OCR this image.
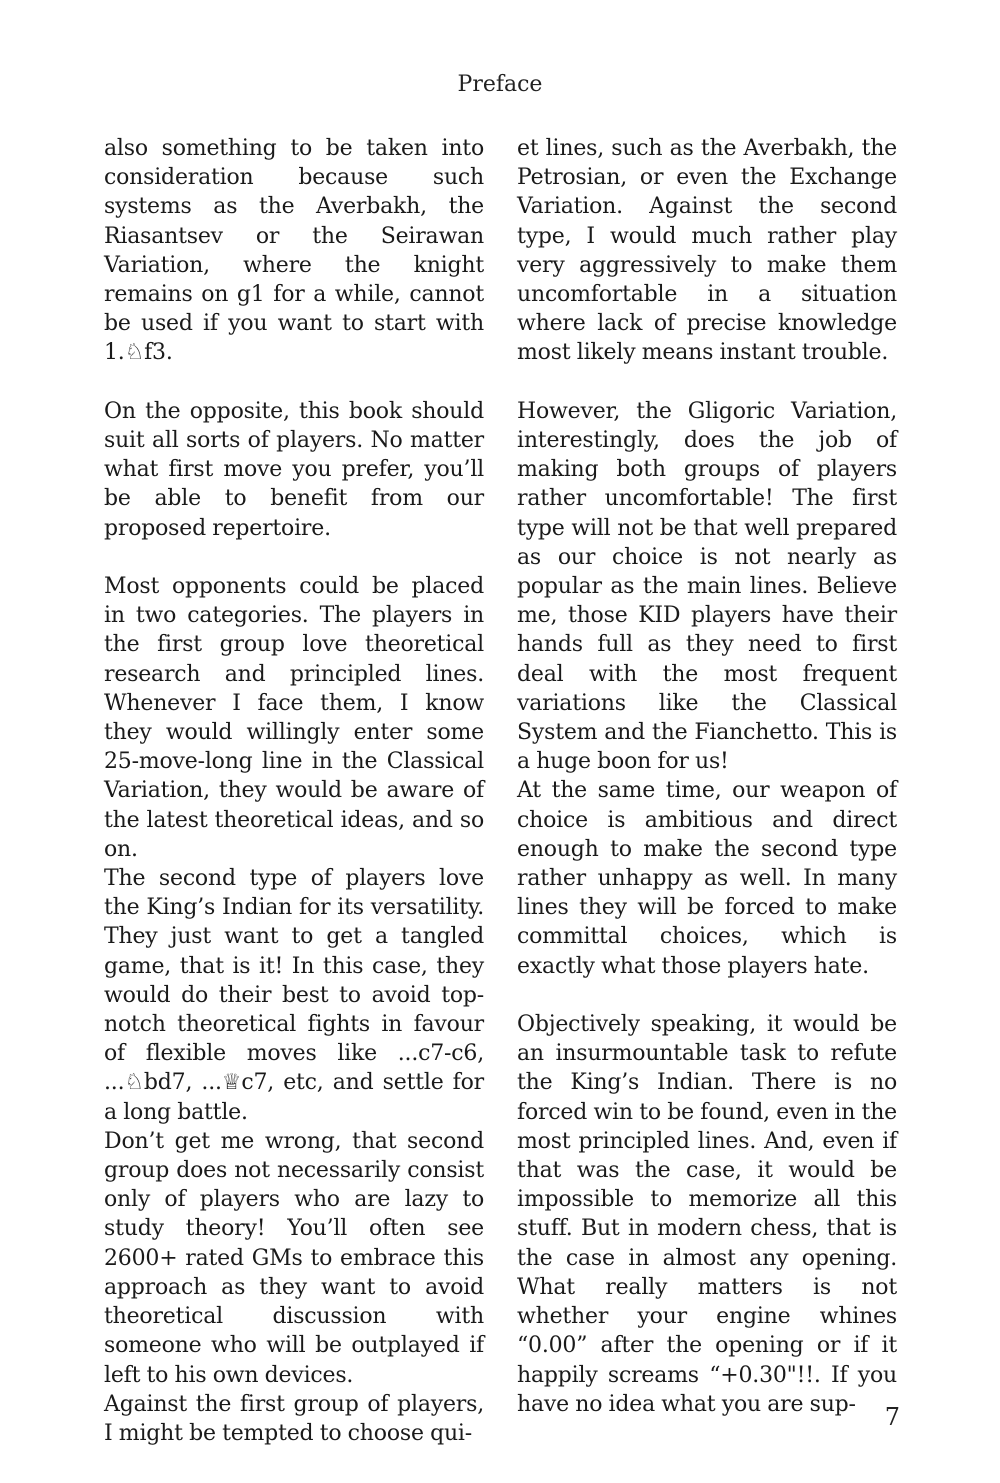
Preface

also something to be taken into consideration because such systems as the Averbakh, the Riasantsev or the Seirawan Variation, where the knight remains on g1 for a while, cannot be used if you want to start with 1.♘f3.

On the opposite, this book should suit all sorts of players. No matter what first move you prefer, you’ll be able to benefit from our proposed repertoire.

Most opponents could be placed in two categories. The players in the first group love theoretical research and principled lines. Whenever I face them, I know they would willingly enter some 25-move-long line in the Classical Variation, they would be aware of the latest theoretical ideas, and so on.

The second type of players love the King’s Indian for its versatility. They just want to get a tangled game, that is it! In this case, they would do their best to avoid top-notch theoretical fights in favour of flexible moves like ...c7-c6, ...♘bd7, ...♕c7, etc, and settle for a long battle.

Don’t get me wrong, that second group does not necessarily consist only of players who are lazy to study theory! You’ll often see 2600+ rated GMs to embrace this approach as they want to avoid theoretical discussion with someone who will be outplayed if left to his own devices.

Against the first group of players, I might be tempted to choose qui-

et lines, such as the Averbakh, the Petrosian, or even the Exchange Variation. Against the second type, I would much rather play very aggressively to make them uncomfortable in a situation where lack of precise knowledge most likely means instant trouble.

However, the Gligoric Variation, interestingly, does the job of making both groups of players rather uncomfortable! The first type will not be that well prepared as our choice is not nearly as popular as the main lines. Believe me, those KID players have their hands full as they need to first deal with the most frequent variations like the Classical System and the Fianchetto. This is a huge boon for us!

At the same time, our weapon of choice is ambitious and direct enough to make the second type rather unhappy as well. In many lines they will be forced to make committal choices, which is exactly what those players hate.

Objectively speaking, it would be an insurmountable task to refute the King’s Indian. There is no forced win to be found, even in the most principled lines. And, even if that was the case, it would be impossible to memorize all this stuff. But in modern chess, that is the case in almost any opening. What really matters is not whether your engine whines “0.00” after the opening or if it happily screams “+0.30"!!. If you have no idea what you are sup-	7
